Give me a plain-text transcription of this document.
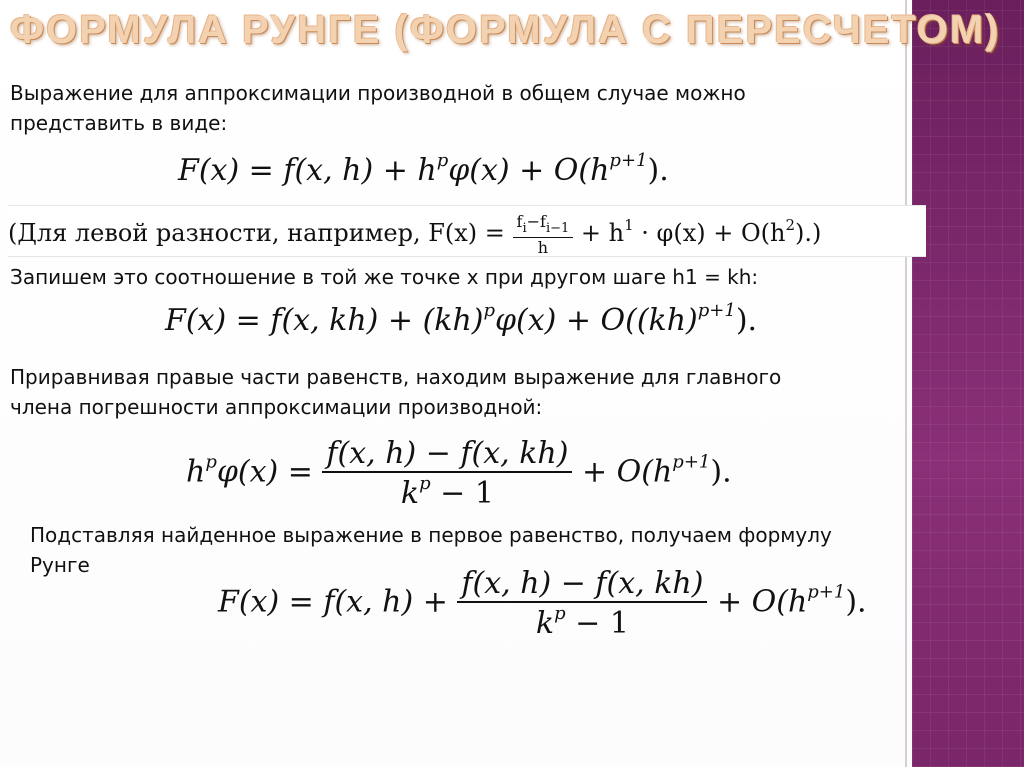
ФОРМУЛА РУНГЕ (ФОРМУЛА С ПЕРЕСЧЕТОМ)
Выражение для аппроксимации производной в общем случае можно представить в виде:
F(x) = f(x, $h) + h^p\varphi(x) + O(h^{p+1})$.
(Для левой разности, например, $F(x) = \frac{f_i-f_{i-1}}{h} + h^1 \cdot \varphi(x) + O(h^2)$.)
Запишем это соотношение в той же точке x при другом шаге h1 = kh:
F(x) = f(x, kh) + (kh)$^p$φ(x) + O((kh)$^{p+1}$).
Приравнивая правые части равенств, находим выражение для главного члена погрешности аппроксимации производной:
$h^p\varphi(x) = \frac{f(x, h) - f(x, kh)}{k^p - 1} + O(h^{p+1})$.
Подставляя найденное выражение в первое равенство, получаем формулу Рунге
F(x) = f(x, $h) + \frac{f(x, h) - f(x, kh)}{k^p - 1} + O(h^{p+1})$.
